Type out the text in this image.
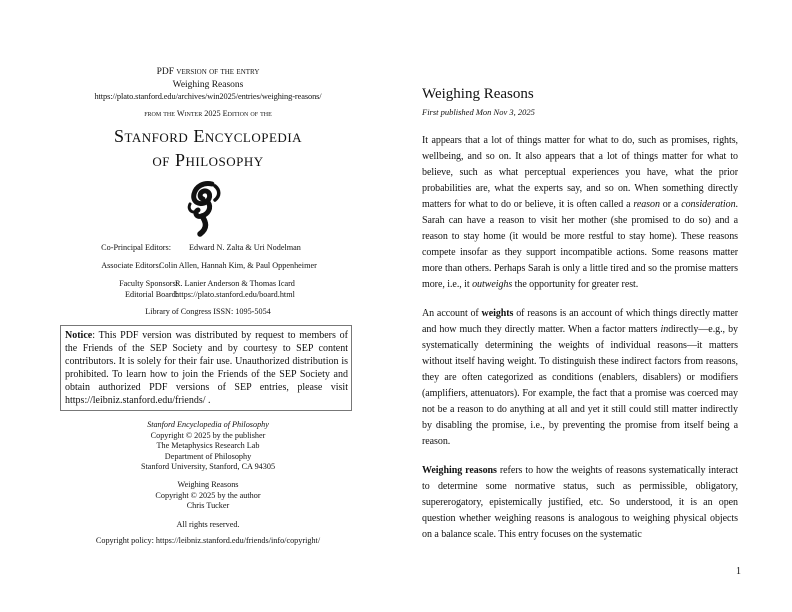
PDF version of the entry
Weighing Reasons
https://plato.stanford.edu/archives/win2025/entries/weighing-reasons/
from the Winter 2025 Edition of the
Stanford Encyclopedia
of Philosophy
Co-Principal Editors: Edward N. Zalta & Uri Nodelman
Associate Editors:
Colin Allen, Hannah Kim, & Paul Oppenheimer
Faculty Sponsors:
R. Lanier Anderson & Thomas Icard
Editorial Board:
https://plato.stanford.edu/board.html
Library of Congress ISSN: 1095-5054
Notice: This PDF version was distributed by request to members of the Friends of the SEP Society and by courtesy to SEP content contributors. It is solely for their fair use. Unauthorized distribution is prohibited. To learn how to join the Friends of the SEP Society and obtain authorized PDF versions of SEP entries, please visit https://leibniz.stanford.edu/friends/ .
Stanford Encyclopedia of Philosophy
Copyright © 2025 by the publisher
The Metaphysics Research Lab
Department of Philosophy
Stanford University, Stanford, CA 94305
Weighing Reasons
Copyright © 2025 by the author
Chris Tucker
All rights reserved.
Copyright policy: https://leibniz.stanford.edu/friends/info/copyright/
Weighing Reasons
First published Mon Nov 3, 2025

It appears that a lot of things matter for what to do, such as promises, rights, wellbeing, and so on. It also appears that a lot of things matter for what to believe, such as what perceptual experiences you have, what the prior probabilities are, what the experts say, and so on. When something directly matters for what to do or believe, it is often called a reason or a consideration. Sarah can have a reason to visit her mother (she promised to do so) and a reason to stay home (it would be more restful to stay home). These reasons compete insofar as they support incompatible actions. Some reasons matter more than others. Perhaps Sarah is only a little tired and so the promise matters more, i.e., it outweighs the opportunity for greater rest.

An account of weights of reasons is an account of which things directly matter and how much they directly matter. When a factor matters indirectly—e.g., by systematically determining the weights of individual reasons—it matters without itself having weight. To distinguish these indirect factors from reasons, they are often categorized as conditions (enablers, disablers) or modifiers (amplifiers, attenuators). For example, the fact that a promise was coerced may not be a reason to do anything at all and yet it still could still matter indirectly by disabling the promise, i.e., by preventing the promise from itself being a reason.

Weighing reasons refers to how the weights of reasons systematically interact to determine some normative status, such as permissible, obligatory, supererogatory, epistemically justified, etc. So understood, it is an open question whether weighing reasons is analogous to weighing physical objects on a balance scale. This entry focuses on the systematic

1
